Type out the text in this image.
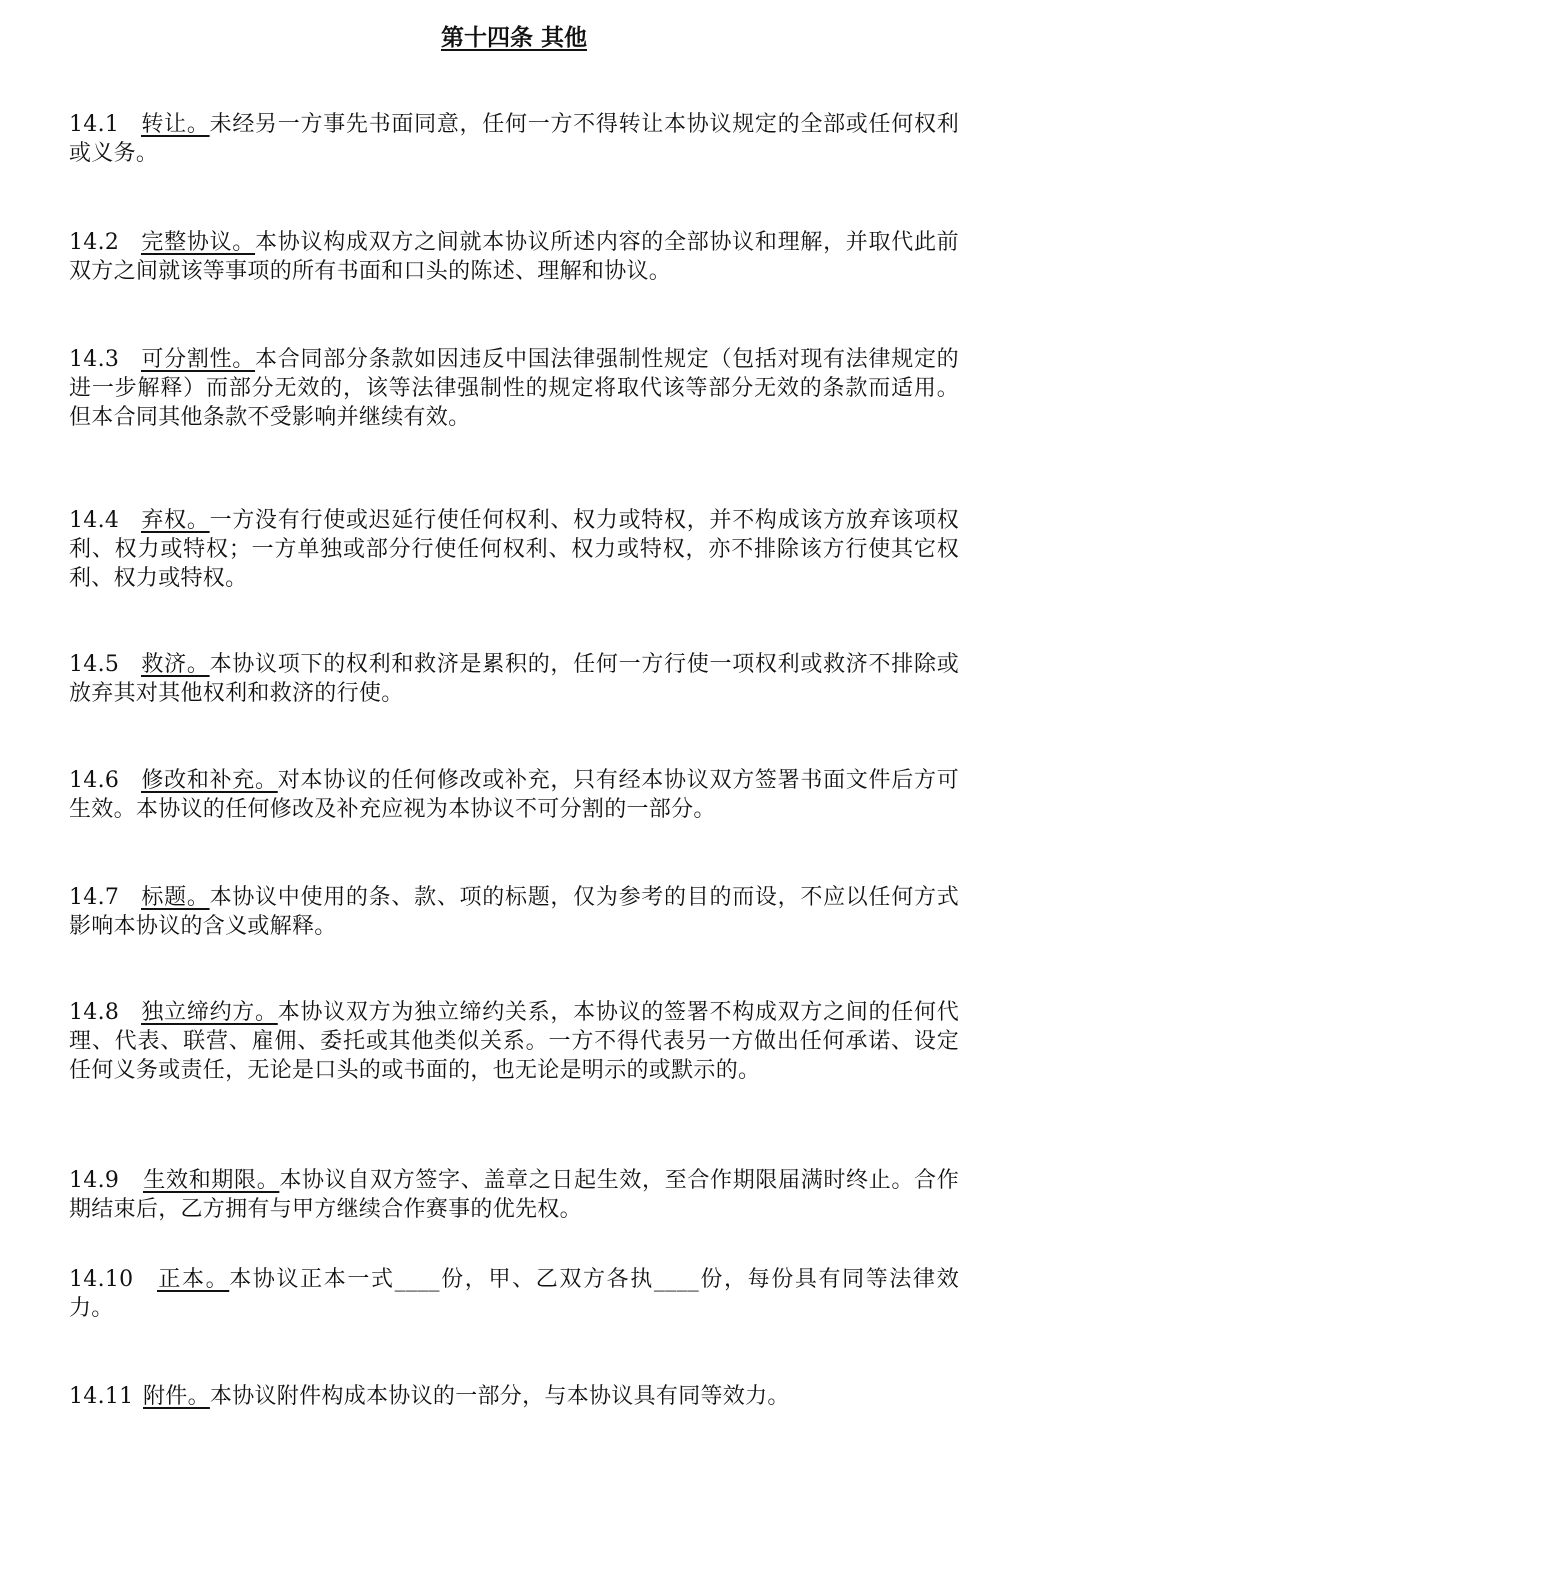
第十四条 其他

14.1 转让。未经另一方事先书面同意，任何一方不得转让本协议规定的全部或任何权利或义务。

14.2 完整协议。本协议构成双方之间就本协议所述内容的全部协议和理解，并取代此前双方之间就该等事项的所有书面和口头的陈述、理解和协议。

14.3 可分割性。本合同部分条款如因违反中国法律强制性规定（包括对现有法律规定的进一步解释）而部分无效的，该等法律强制性的规定将取代该等部分无效的条款而适用。但本合同其他条款不受影响并继续有效。

14.4 弃权。一方没有行使或迟延行使任何权利、权力或特权，并不构成该方放弃该项权利、权力或特权；一方单独或部分行使任何权利、权力或特权，亦不排除该方行使其它权利、权力或特权。

14.5 救济。本协议项下的权利和救济是累积的，任何一方行使一项权利或救济不排除或放弃其对其他权利和救济的行使。

14.6 修改和补充。对本协议的任何修改或补充，只有经本协议双方签署书面文件后方可生效。本协议的任何修改及补充应视为本协议不可分割的一部分。

14.7 标题。本协议中使用的条、款、项的标题，仅为参考的目的而设，不应以任何方式影响本协议的含义或解释。

14.8 独立缔约方。本协议双方为独立缔约关系，本协议的签署不构成双方之间的任何代理、代表、联营、雇佣、委托或其他类似关系。一方不得代表另一方做出任何承诺、设定任何义务或责任，无论是口头的或书面的，也无论是明示的或默示的。

14.9 生效和期限。本协议自双方签字、盖章之日起生效，至合作期限届满时终止。合作期结束后，乙方拥有与甲方继续合作赛事的优先权。

14.10 正本。本协议正本一式____份，甲、乙双方各执____份，每份具有同等法律效力。

14.11 附件。本协议附件构成本协议的一部分，与本协议具有同等效力。
